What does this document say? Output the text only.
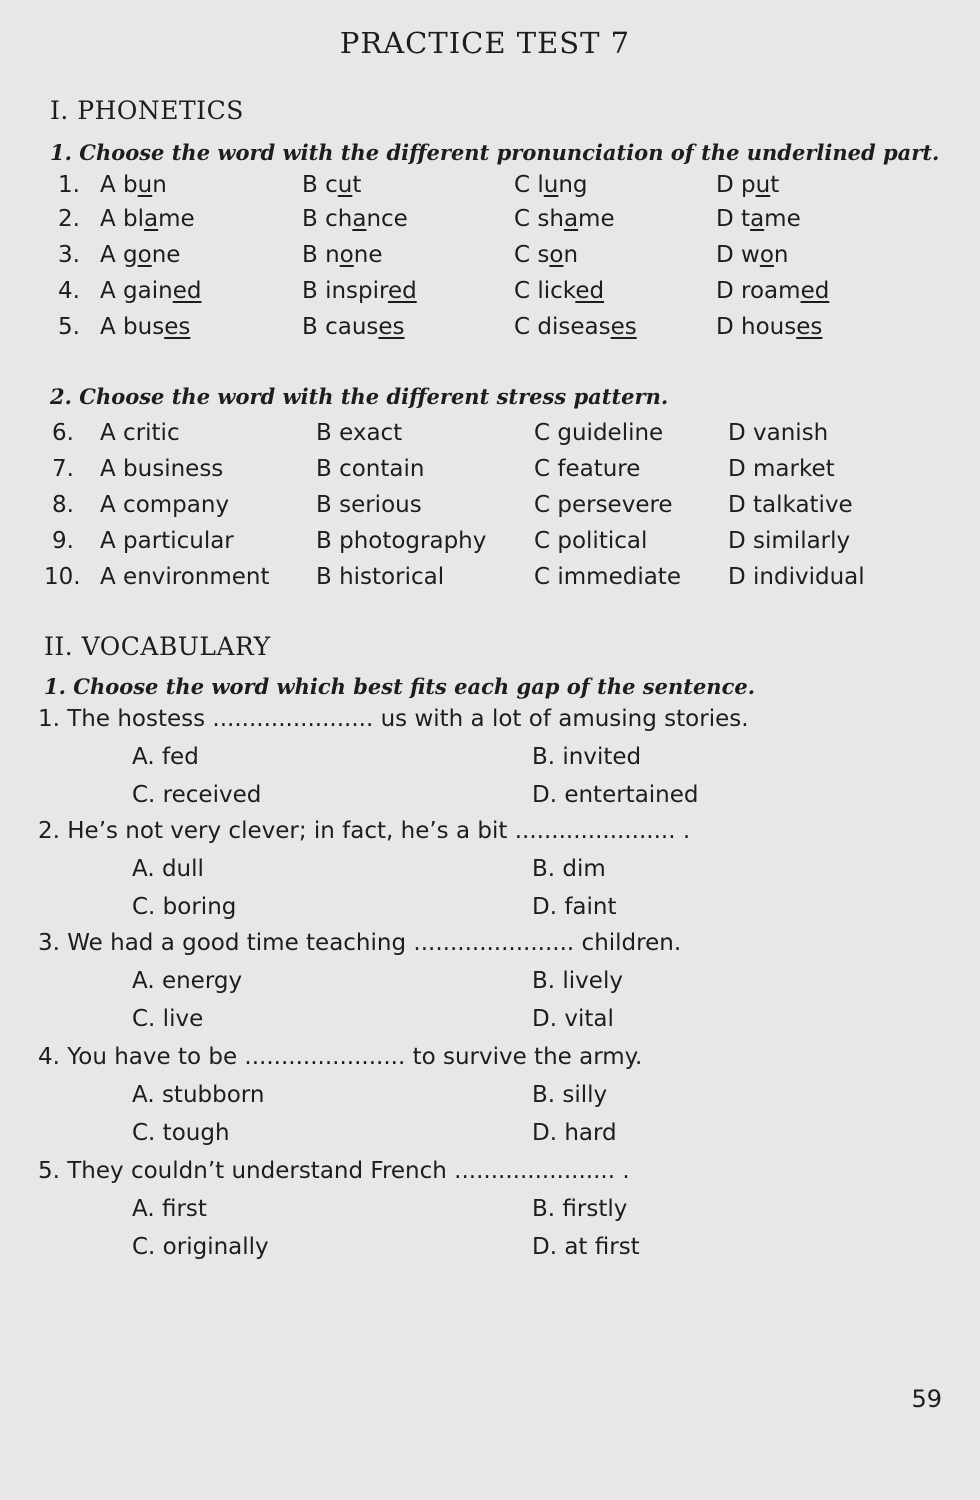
PRACTICE TEST 7
I. PHONETICS
1. Choose the word with the different pronunciation of the underlined part.
1. A bun	B cut	C lung	D put
2. A blame	B chance	C shame	D tame
3. A gone	B none	C son	D won
4. A gained	B inspired	C licked	D roamed
5. A buses	B causes	C diseases	D houses
2. Choose the word with the different stress pattern.
6. A critic	B exact	C guideline	D vanish
7. A business	B contain	C feature	D market
8. A company	B serious	C persevere D talkative
9. A particular	B photography C political	D similarly
10. A environment B historical	C immediate D individual
II. VOCABULARY
1. Choose the word which best fits each gap of the sentence.
1. The hostess ...................... us with a lot of amusing stories.
A. fed	B. invited
C. received	D. entertained
2. He’s not very clever; in fact, he’s a bit ...................... .
A. dull	B. dim
C. boring	D. faint
3. We had a good time teaching ...................... children.
A. energy	B. lively
C. live	D. vital
4. You have to be ...................... to survive the army.
A. stubborn	B. silly
C. tough	D. hard
5. They couldn’t understand French ...................... .
A. first	B. firstly
C. originally	D. at first
59
